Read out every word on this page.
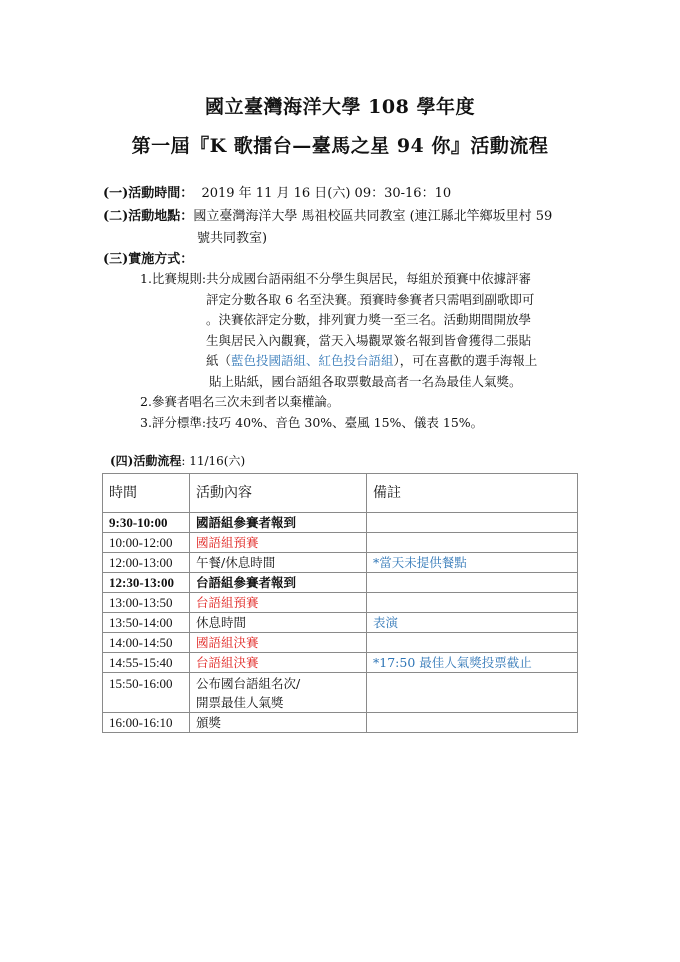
國立臺灣海洋大學 108 學年度
第一屆『K 歌擂台—臺馬之星 94 你』活動流程
(一)活動時間： 2019 年 11 月 16 日(六) 09：30-16：10
(二)活動地點：國立臺灣海洋大學 馬祖校區共同教室 (連江縣北竿鄉坂里村 59
號共同教室)
(三)實施方式：
1.比賽規則: 共分成國台語兩組不分學生與居民，每組於預賽中依據評審
評定分數各取 6 名至決賽。預賽時參賽者只需唱到副歌即可
。決賽依評定分數，排列實力獎一至三名。活動期間開放學
生與居民入內觀賽，當天入場觀眾簽名報到皆會獲得二張貼
紙（藍色投國語組、紅色投台語組），可在喜歡的選手海報上
貼上貼紙，國台語組各取票數最高者一名為最佳人氣獎。
2.參賽者唱名三次未到者以棄權論。
3.評分標準:技巧 40%、音色 30%、臺風 15%、儀表 15%。
(四)活動流程: 11/16(六)
時間	活動內容	備註
9:30-10:00	國語組參賽者報到	

10:00-12:00	國語組預賽	

12:00-13:00	午餐/休息時間	*當天未提供餐點
12:30-13:00	台語組參賽者報到	

13:00-13:50	台語組預賽	

13:50-14:00	休息時間	表演
14:00-14:50	國語組決賽	

14:55-15:40	台語組決賽	*17:50 最佳人氣獎投票截止
15:50-16:00	公布國台語組名次/
開票最佳人氣獎	

16:00-16:10	頒獎	
